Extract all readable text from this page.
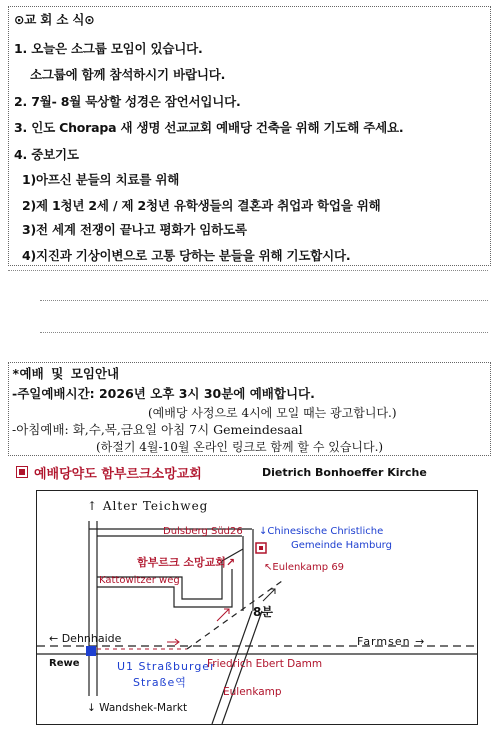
⊙교 회 소 식⊙
1. 오늘은 소그룹 모임이 있습니다.
소그룹에 함께 참석하시기 바랍니다.
2. 7월- 8월 묵상할 성경은 잠언서입니다.
3. 인도 Chorapa 새 생명 선교교회 예배당 건축을 위해 기도해 주세요.
4. 중보기도
1)아프신 분들의 치료를 위해
2)제 1청년 2세 / 제 2청년 유학생들의 결혼과 취업과 학업을 위해
3)전 세계 전쟁이 끝나고 평화가 임하도록
4)지진과 기상이변으로 고통 당하는 분들을 위해 기도합시다.
*예배 및 모임안내
-주일예배시간: 2026년 오후 3시 30분에 예배합니다.
(예배당 사정으로 4시에 모일 때는 광고합니다.)
-아침예배: 화,수,목,금요일 아침 7시 Gemeindesaal
(하절기 4월-10월 온라인 링크로 함께 할 수 있습니다.)
예배당약도 함부르크소망교회	Dietrich Bonhoeffer Kirche
↑ Alter Teichweg
Dulsberg Süd26 ↓Chinesische Christliche
Gemeinde Hamburg
함부르크 소망교회↗	↖Eulenkamp 69
Kattowitzer weg
8분
← Dehnhaide
Rewe	U1 Straßburger
Straße역
Friedrich Ebert Damm
Farmsen →
Eulenkamp
↓ Wandshek-Markt
